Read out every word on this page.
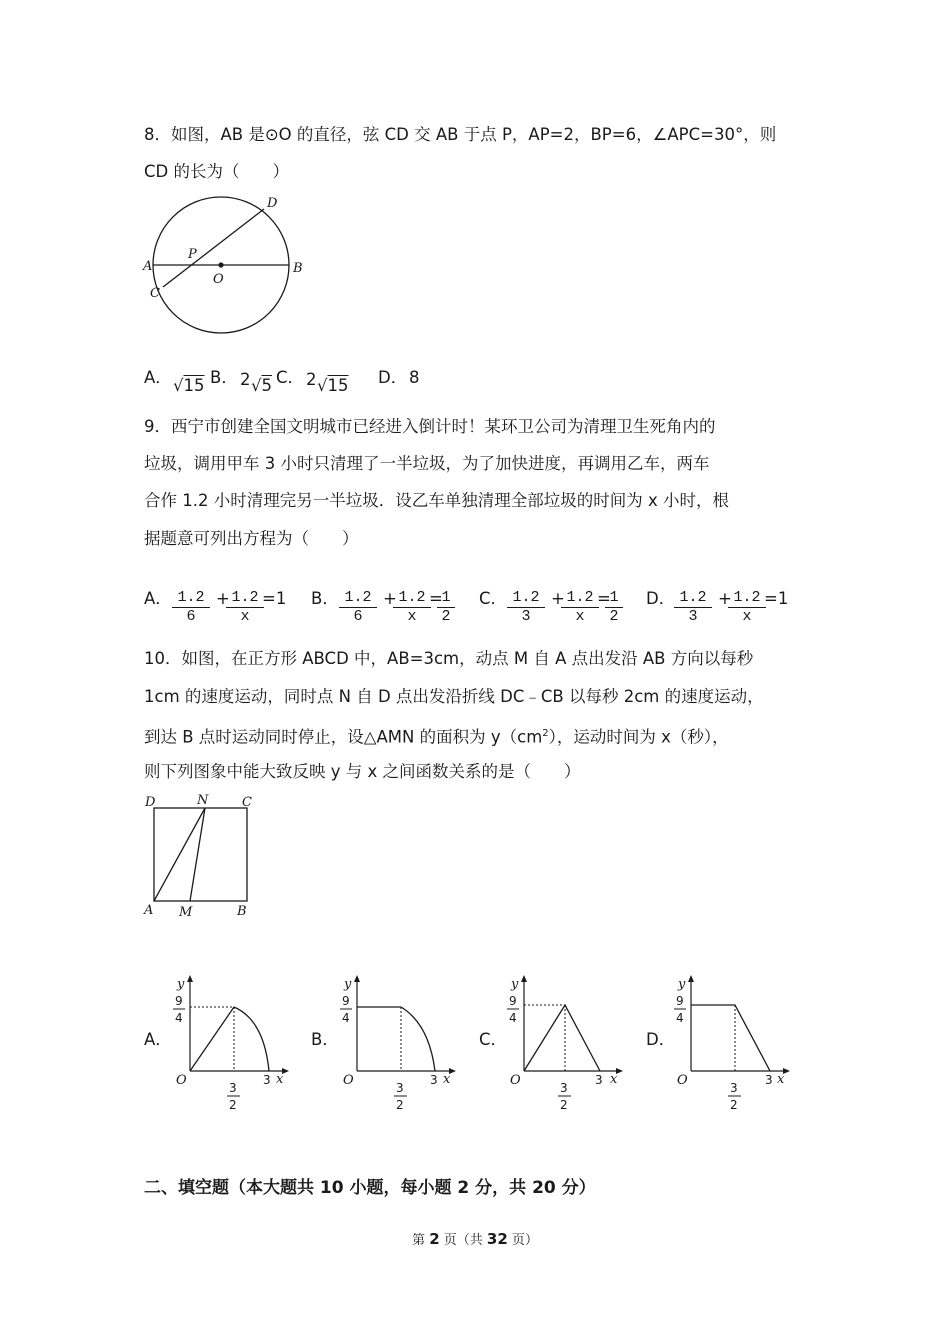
8．如图，AB 是⊙O 的直径，弦 CD 交 AB 于点 P，AP=2，BP=6，∠APC=30°，则
CD 的长为（　　）
A	B
C
D
P
O
A． √15 B． 2 √5 C． 2 √15 D． 8
9．西宁市创建全国文明城市已经进入倒计时！某环卫公司为清理卫生死角内的
垃圾，调用甲车 3 小时只清理了一半垃圾，为了加快进度，再调用乙车，两车
合作 1.2 小时清理完另一半垃圾．设乙车单独清理全部垃圾的时间为 x 小时，根
据题意可列出方程为（　　）
A． $\frac{1.2}{6}$ +
$\frac{1.2}{x}$
=1 B． $\frac{1.2}{6}$ +
$\frac{1.2}{x}$
=
$\frac{1}{2}$ C． $\frac{1.2}{3}$ +
$\frac{1.2}{x}$
=
$\frac{1}{2}$ D．
$\frac{1.2}{3}$ +
$\frac{1.2}{x}$
=1
10．如图，在正方形 ABCD 中，AB=3cm，动点 M 自 A 点出发沿 AB 方向以每秒
1cm 的速度运动，同时点 N 自 D 点出发沿折线 DC﹣CB 以每秒 2cm 的速度运动，
到达 B 点时运动同时停止，设△AMN 的面积为 $y(cm^2)$，运动时间为 x（秒），
则下列图象中能大致反映 y 与 x 之间函数关系的是（　　）
D	N	C
A M	B
A．	B．	C．	D．
y
x
O
9
4
3
2
3
y
x
O
9
4
3
2
3
y
x
O
9
4
3
2
3
y
x
O
9
4
3
2
3
二、填空题（本大题共 10 小题，每小题 2 分，共 20 分）
第 2 页（共 32 页）
